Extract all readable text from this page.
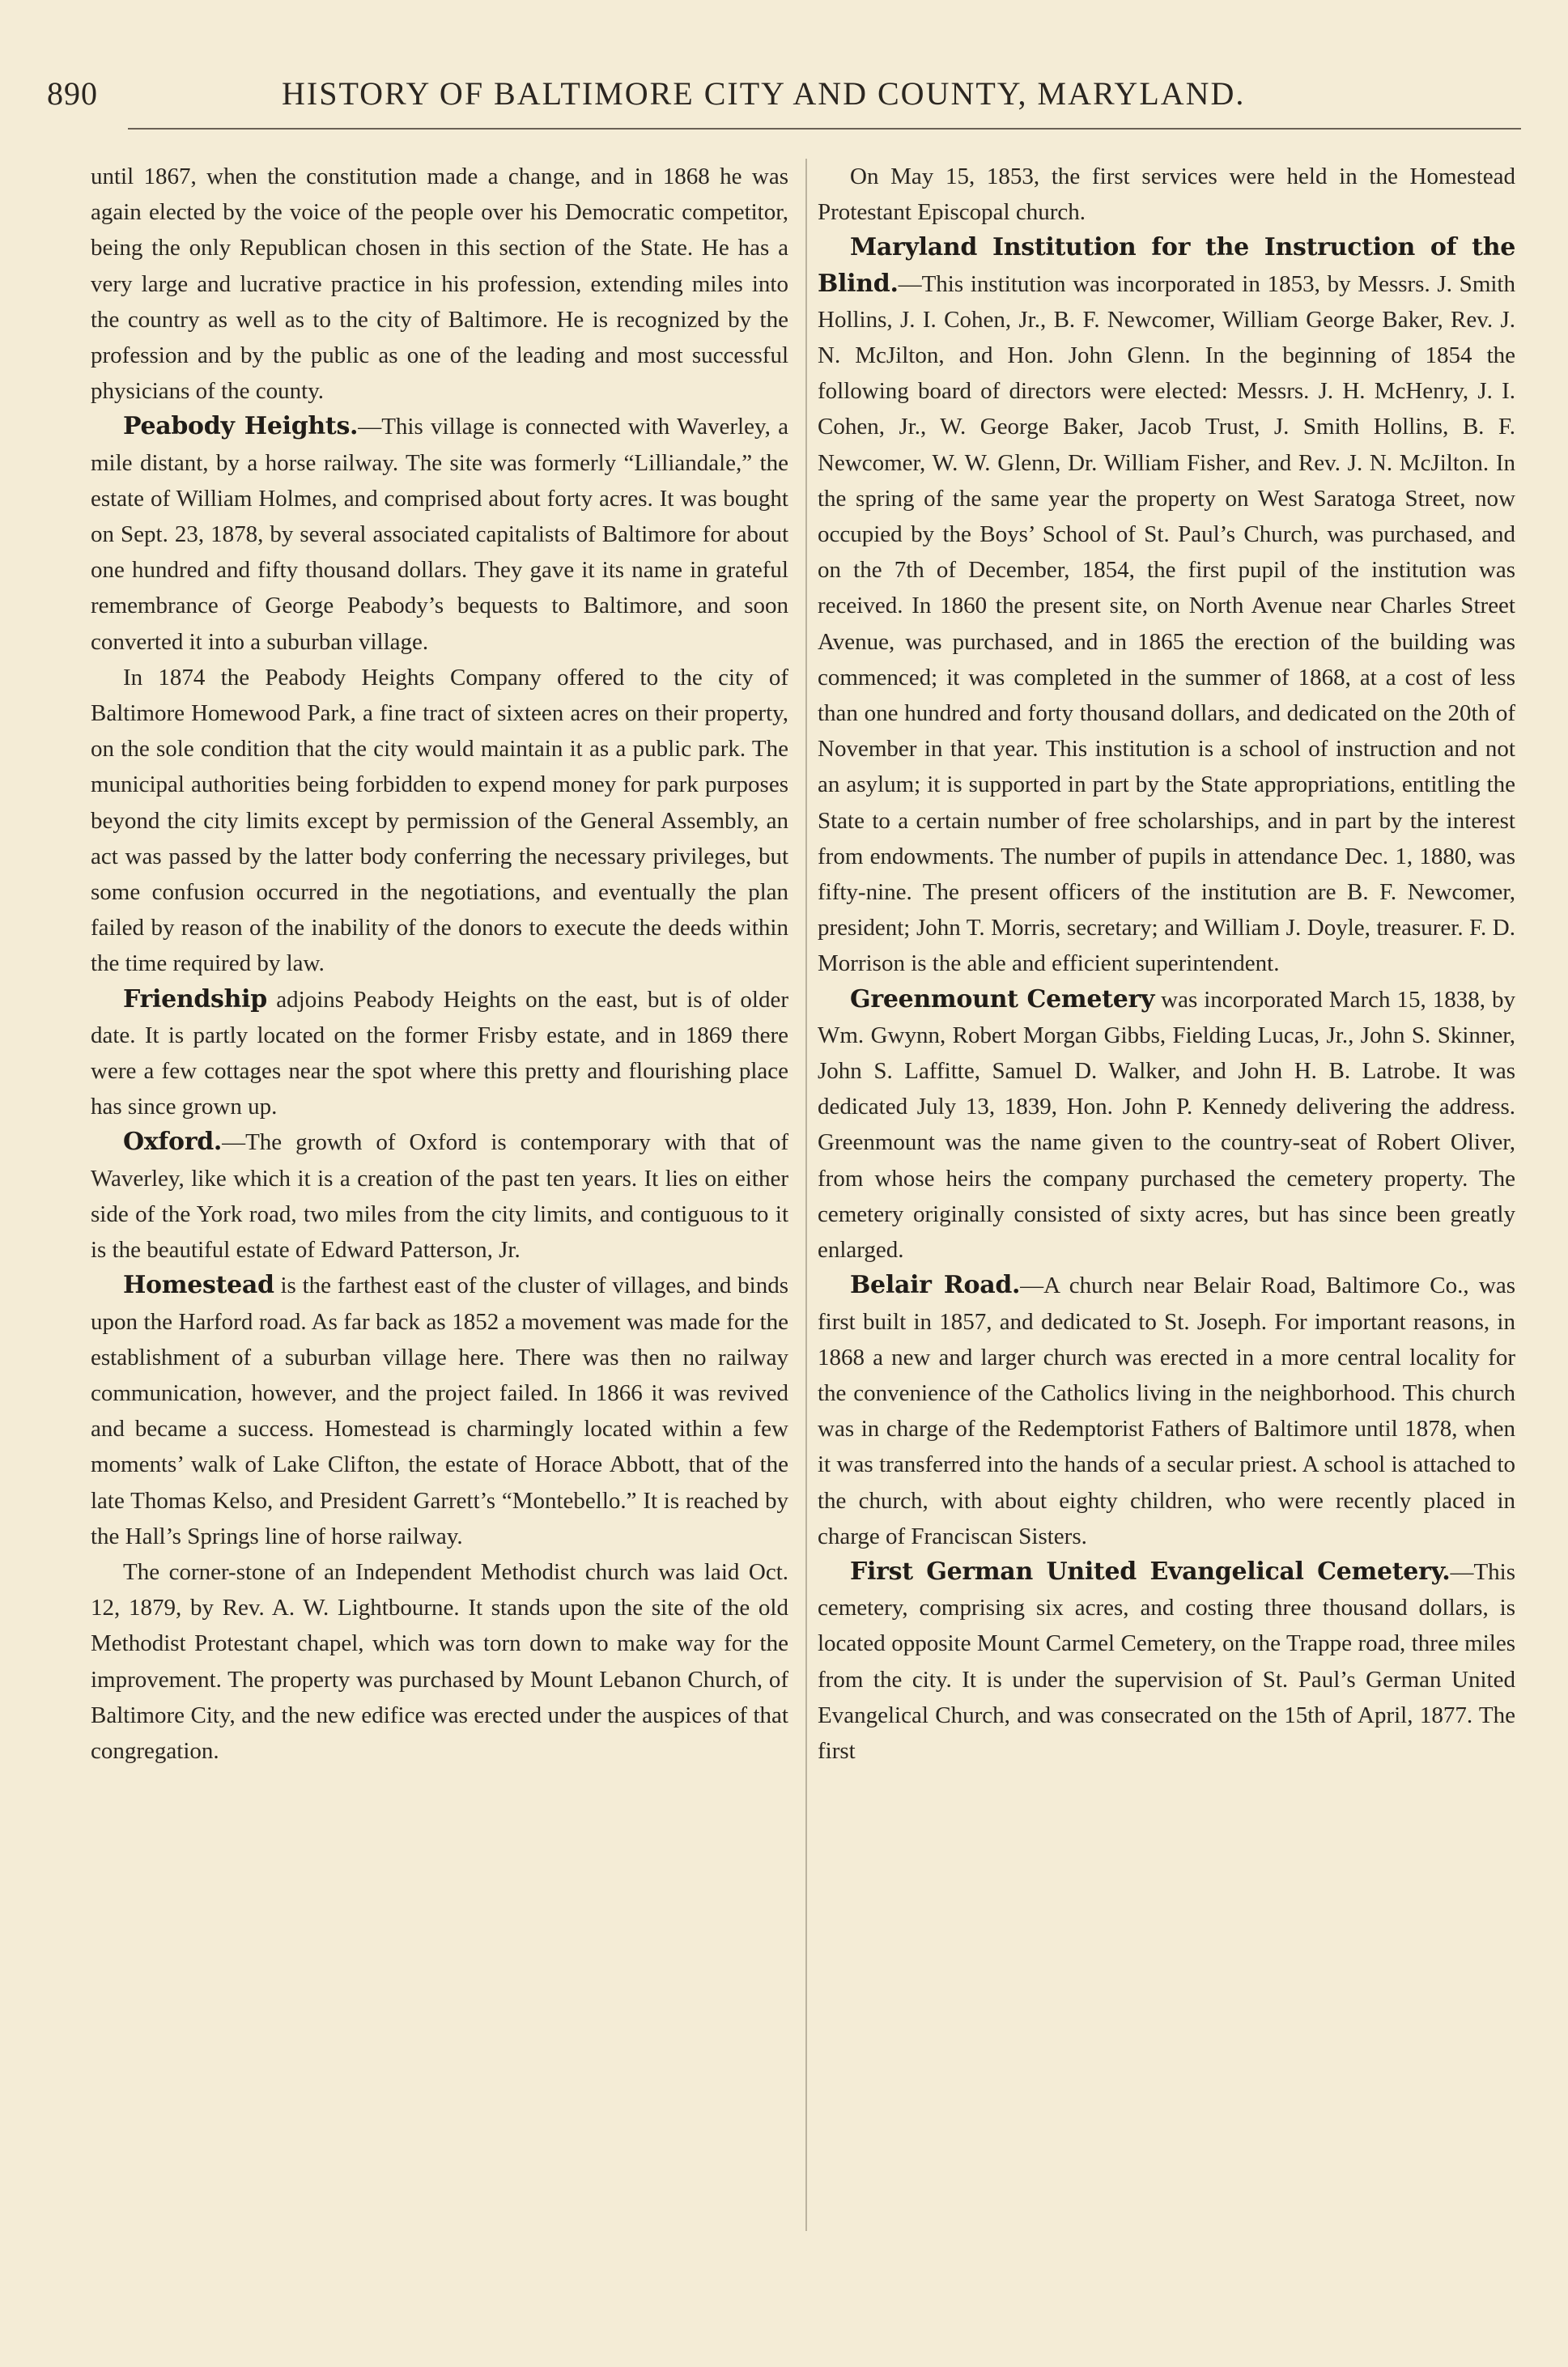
890	HISTORY OF BALTIMORE CITY AND COUNTY, MARYLAND.

until 1867, when the constitution made a change, and in 1868 he was again elected by the voice of the people over his Democratic competitor, being the only Republican chosen in this section of the State. He has a very large and lucrative practice in his profession, extending miles into the country as well as to the city of Baltimore. He is recognized by the profession and by the public as one of the leading and most successful physicians of the county.

Peabody Heights.—This village is connected with Waverley, a mile distant, by a horse railway. The site was formerly “Lilliandale,” the estate of William Holmes, and comprised about forty acres. It was bought on Sept. 23, 1878, by several associated capitalists of Baltimore for about one hundred and fifty thousand dollars. They gave it its name in grateful remembrance of George Peabody’s bequests to Baltimore, and soon converted it into a suburban village.

In 1874 the Peabody Heights Company offered to the city of Baltimore Homewood Park, a fine tract of sixteen acres on their property, on the sole condition that the city would maintain it as a public park. The municipal authorities being forbidden to expend money for park purposes beyond the city limits except by permission of the General Assembly, an act was passed by the latter body conferring the necessary privileges, but some confusion occurred in the negotiations, and eventually the plan failed by reason of the inability of the donors to execute the deeds within the time required by law.

Friendship adjoins Peabody Heights on the east, but is of older date. It is partly located on the former Frisby estate, and in 1869 there were a few cottages near the spot where this pretty and flourishing place has since grown up.

Oxford.—The growth of Oxford is contemporary with that of Waverley, like which it is a creation of the past ten years. It lies on either side of the York road, two miles from the city limits, and contiguous to it is the beautiful estate of Edward Patterson, Jr.

Homestead is the farthest east of the cluster of villages, and binds upon the Harford road. As far back as 1852 a movement was made for the establishment of a suburban village here. There was then no railway communication, however, and the project failed. In 1866 it was revived and became a success. Homestead is charmingly located within a few moments’ walk of Lake Clifton, the estate of Horace Abbott, that of the late Thomas Kelso, and President Garrett’s “Montebello.” It is reached by the Hall’s Springs line of horse railway.

The corner-stone of an Independent Methodist church was laid Oct. 12, 1879, by Rev. A. W. Lightbourne. It stands upon the site of the old Methodist Protestant chapel, which was torn down to make way for the improvement. The property was purchased by Mount Lebanon Church, of Baltimore City, and the new edifice was erected under the auspices of that congregation.

On May 15, 1853, the first services were held in the Homestead Protestant Episcopal church.

Maryland Institution for the Instruction of the Blind.—This institution was incorporated in 1853, by Messrs. J. Smith Hollins, J. I. Cohen, Jr., B. F. Newcomer, William George Baker, Rev. J. N. McJilton, and Hon. John Glenn. In the beginning of 1854 the following board of directors were elected: Messrs. J. H. McHenry, J. I. Cohen, Jr., W. George Baker, Jacob Trust, J. Smith Hollins, B. F. Newcomer, W. W. Glenn, Dr. William Fisher, and Rev. J. N. McJilton. In the spring of the same year the property on West Saratoga Street, now occupied by the Boys’ School of St. Paul’s Church, was purchased, and on the 7th of December, 1854, the first pupil of the institution was received. In 1860 the present site, on North Avenue near Charles Street Avenue, was purchased, and in 1865 the erection of the building was commenced; it was completed in the summer of 1868, at a cost of less than one hundred and forty thousand dollars, and dedicated on the 20th of November in that year. This institution is a school of instruction and not an asylum; it is supported in part by the State appropriations, entitling the State to a certain number of free scholarships, and in part by the interest from endowments. The number of pupils in attendance Dec. 1, 1880, was fifty-nine. The present officers of the institution are B. F. Newcomer, president; John T. Morris, secretary; and William J. Doyle, treasurer. F. D. Morrison is the able and efficient superintendent.

Greenmount Cemetery was incorporated March 15, 1838, by Wm. Gwynn, Robert Morgan Gibbs, Fielding Lucas, Jr., John S. Skinner, John S. Laffitte, Samuel D. Walker, and John H. B. Latrobe. It was dedicated July 13, 1839, Hon. John P. Kennedy delivering the address. Greenmount was the name given to the country-seat of Robert Oliver, from whose heirs the company purchased the cemetery property. The cemetery originally consisted of sixty acres, but has since been greatly enlarged.

Belair Road.—A church near Belair Road, Baltimore Co., was first built in 1857, and dedicated to St. Joseph. For important reasons, in 1868 a new and larger church was erected in a more central locality for the convenience of the Catholics living in the neighborhood. This church was in charge of the Redemptorist Fathers of Baltimore until 1878, when it was transferred into the hands of a secular priest. A school is attached to the church, with about eighty children, who were recently placed in charge of Franciscan Sisters.

First German United Evangelical Cemetery.—This cemetery, comprising six acres, and costing three thousand dollars, is located opposite Mount Carmel Cemetery, on the Trappe road, three miles from the city. It is under the supervision of St. Paul’s German United Evangelical Church, and was consecrated on the 15th of April, 1877. The first
